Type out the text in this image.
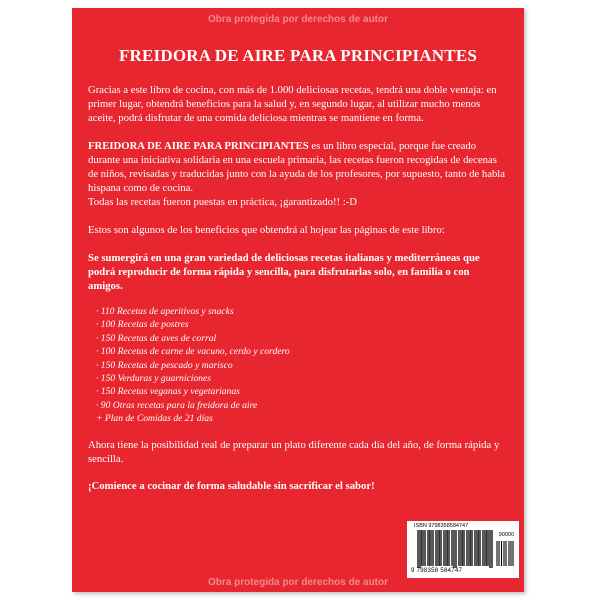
Obra protegida por derechos de autor
FREIDORA DE AIRE PARA PRINCIPIANTES

Gracias a este libro de cocina, con más de 1.000 deliciosas recetas, tendrá una doble ventaja: en primer lugar, obtendrá beneficios para la salud y, en segundo lugar, al utilizar mucho menos aceite, podrá disfrutar de una comida deliciosa mientras se mantiene en forma.

FREIDORA DE AIRE PARA PRINCIPIANTES es un libro especial, porque fue creado durante una iniciativa solidaria en una escuela primaria, las recetas fueron recogidas de decenas de niños, revisadas y traducidas junto con la ayuda de los profesores, por supuesto, tanto de habla hispana como de cocina.

Todas las recetas fueron puestas en práctica, ¡garantizado!! :-D

Estos son algunos de los beneficios que obtendrá al hojear las páginas de este libro:

Se sumergirá en una gran variedad de deliciosas recetas italianas y mediterráneas que podrá reproducir de forma rápida y sencilla, para disfrutarlas solo, en familia o con amigos.

· 110 Recetas de aperitivos y snacks
· 100 Recetas de postres
· 150 Recetas de aves de corral
· 100 Recetas de carne de vacuno, cerdo y cordero
· 150 Recetas de pescado y marisco
· 150 Verduras y guarniciones
· 150 Recetas veganas y vegetarianas
· 90 Otras recetas para la freidora de aire
+ Plan de Comidas de 21 días

Ahora tiene la posibilidad real de preparar un plato diferente cada día del año, de forma rápida y sencilla.

¡Comience a cocinar de forma saludable sin sacrificar el sabor!

ISBN 9798358584747
90000
9 798358 584747
Obra protegida por derechos de autor
